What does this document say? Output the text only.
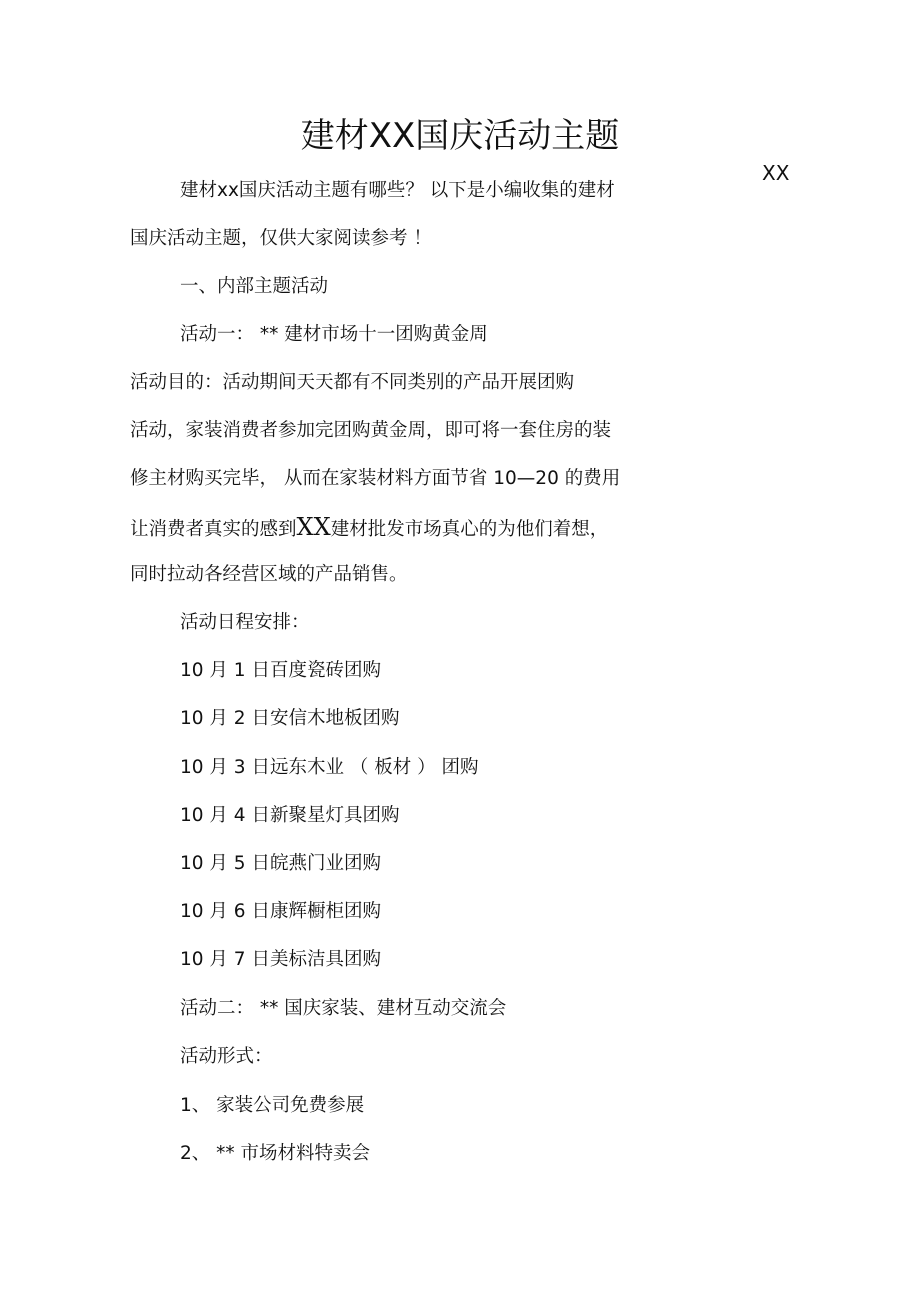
建材XX国庆活动主题
XX
建材xx国庆活动主题有哪些？ 以下是小编收集的建材
国庆活动主题，仅供大家阅读参考 ！
一、内部主题活动
活动一： ** 建材市场十一团购黄金周
活动目的：活动期间天天都有不同类别的产品开展团购
活动，家装消费者参加完团购黄金周，即可将一套住房的装
修主材购买完毕， 从而在家装材料方面节省 10—20 的费用
让消费者真实的感到XX建材批发市场真心的为他们着想，
同时拉动各经营区域的产品销售。
活动日程安排：
10 月 1 日百度瓷砖团购
10 月 2 日安信木地板团购
10 月 3 日远东木业 （ 板材 ） 团购
10 月 4 日新聚星灯具团购
10 月 5 日皖燕门业团购
10 月 6 日康辉橱柜团购
10 月 7 日美标洁具团购
活动二： ** 国庆家装、建材互动交流会
活动形式：
1、 家装公司免费参展
2、 ** 市场材料特卖会
